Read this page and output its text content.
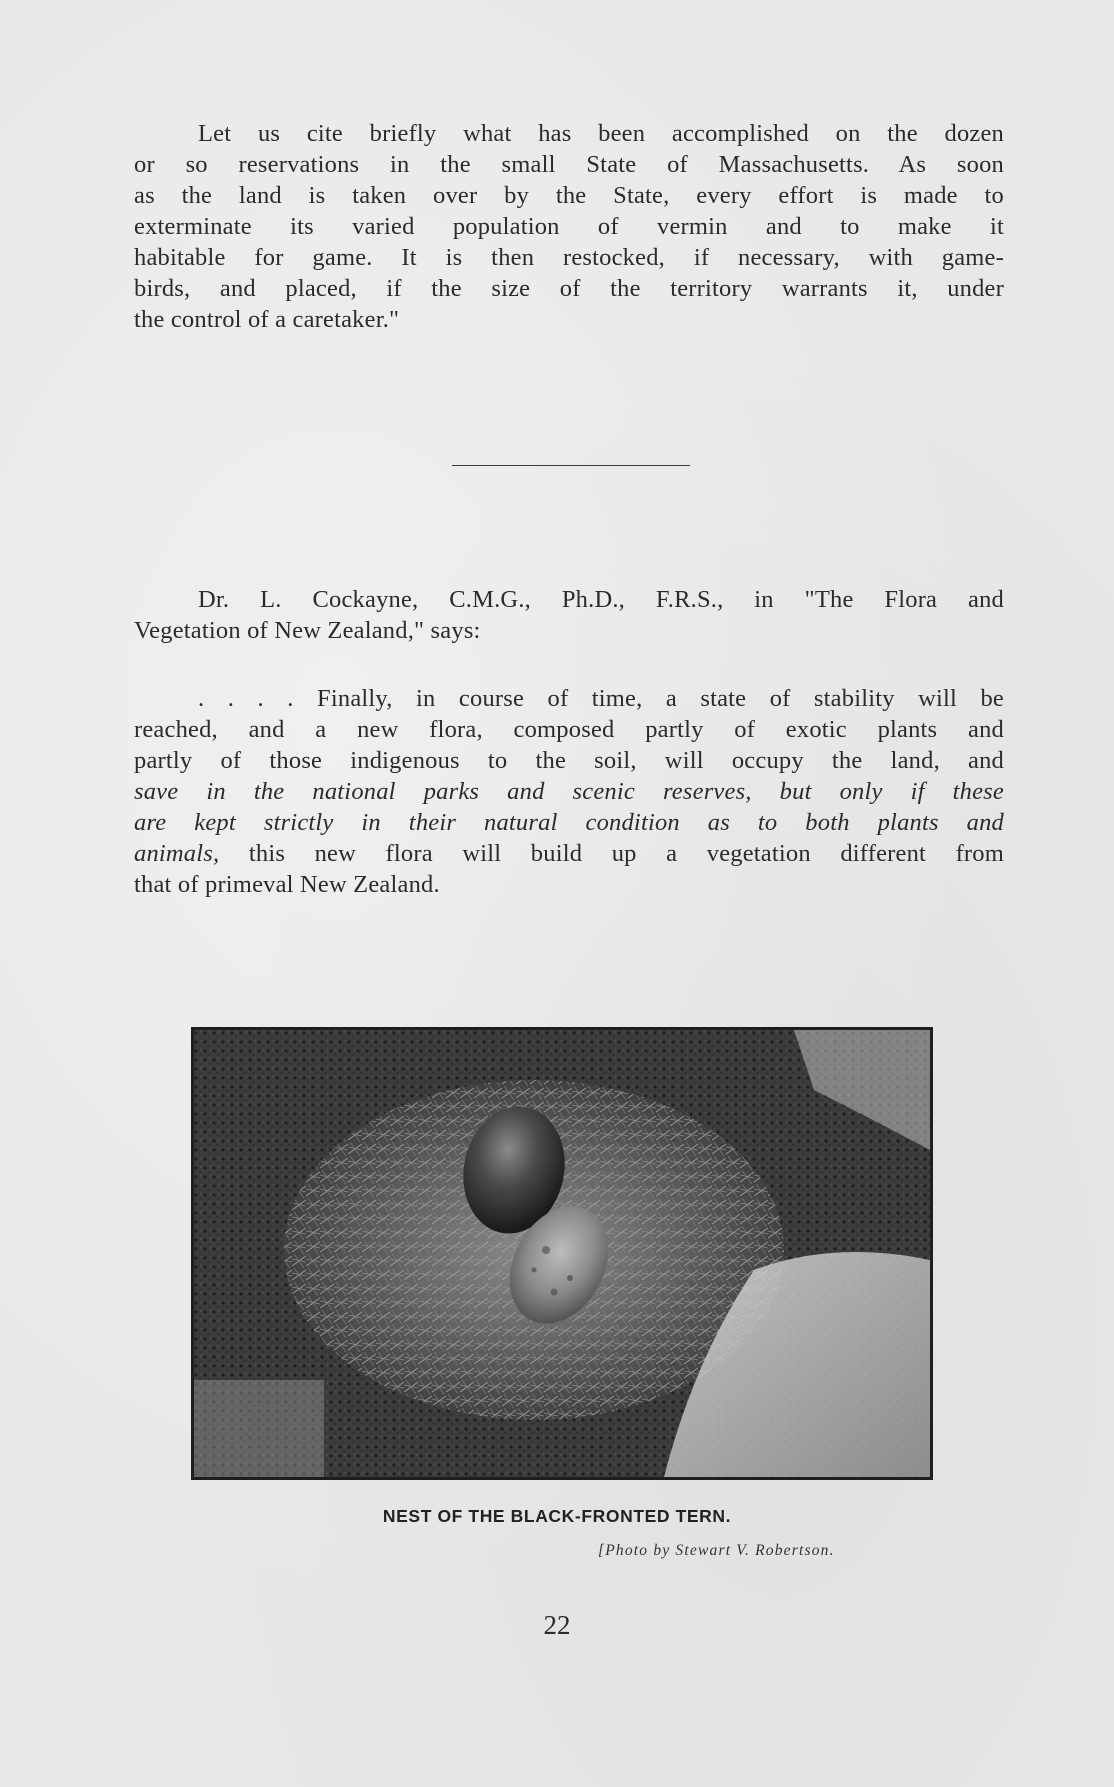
Let us cite briefly what has been accomplished on the dozen
or so reservations in the small State of Massachusetts. As soon
as the land is taken over by the State, every effort is made to
exterminate its varied population of vermin and to make it
habitable for game. It is then restocked, if necessary, with game-
birds, and placed, if the size of the territory warrants it, under
the control of a caretaker."
Dr. L. Cockayne, C.M.G., Ph.D., F.R.S., in "The Flora and
Vegetation of New Zealand," says:
. . . . Finally, in course of time, a state of stability will be
reached, and a new flora, composed partly of exotic plants and
partly of those indigenous to the soil, will occupy the land, and
save in the national parks and scenic reserves, but only if these
are kept strictly in their natural condition as to both plants and
animals, this new flora will build up a vegetation different from
that of primeval New Zealand.
NEST OF THE BLACK-FRONTED TERN.
[Photo by Stewart V. Robertson.
22
